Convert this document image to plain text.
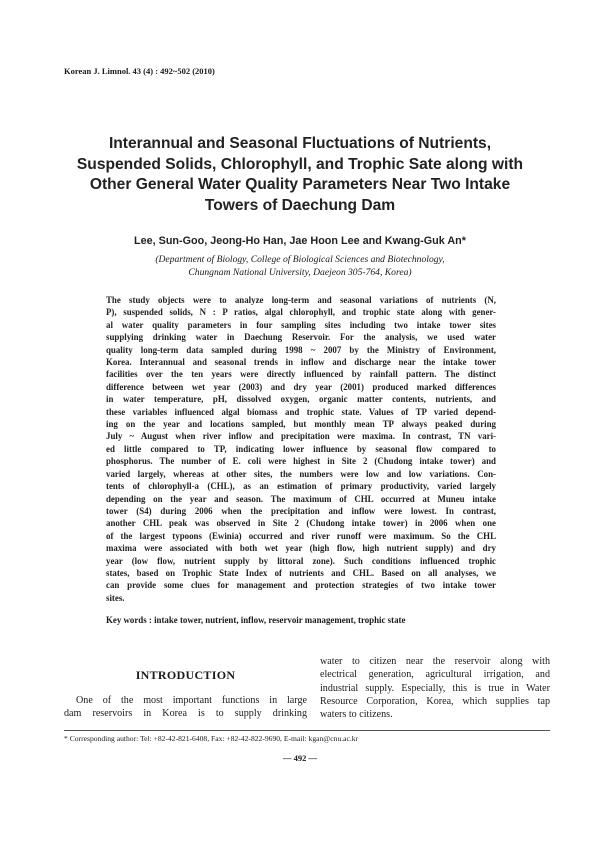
Korean J. Limnol. 43 (4) : 492~502 (2010)
Interannual and Seasonal Fluctuations of Nutrients,
Suspended Solids, Chlorophyll, and Trophic Sate along with
Other General Water Quality Parameters Near Two Intake
Towers of Daechung Dam
Lee, Sun-Goo, Jeong-Ho Han, Jae Hoon Lee and Kwang-Guk An*
(Department of Biology, College of Biological Sciences and Biotechnology,
Chungnam National University, Daejeon 305-764, Korea)
The study objects were to analyze long-term and seasonal variations of nutrients (N,
P), suspended solids, N : P ratios, algal chlorophyll, and trophic state along with gener-
al water quality parameters in four sampling sites including two intake tower sites
supplying drinking water in Daechung Reservoir. For the analysis, we used water
quality long-term data sampled during 1998 ~ 2007 by the Ministry of Environment,
Korea. Interannual and seasonal trends in inflow and discharge near the intake tower
facilities over the ten years were directly influenced by rainfall pattern. The distinct
difference between wet year (2003) and dry year (2001) produced marked differences
in water temperature, pH, dissolved oxygen, organic matter contents, nutrients, and
these variables influenced algal biomass and trophic state. Values of TP varied depend-
ing on the year and locations sampled, but monthly mean TP always peaked during
July ~ August when river inflow and precipitation were maxima. In contrast, TN vari-
ed little compared to TP, indicating lower influence by seasonal flow compared to
phosphorus. The number of E. coli were highest in Site 2 (Chudong intake tower) and
varied largely, whereas at other sites, the numbers were low and low variations. Con-
tents of chlorophyll-a (CHL), as an estimation of primary productivity, varied largely
depending on the year and season. The maximum of CHL occurred at Muneu intake
tower (S4) during 2006 when the precipitation and inflow were lowest. In contrast,
another CHL peak was observed in Site 2 (Chudong intake tower) in 2006 when one
of the largest typoons (Ewinia) occurred and river runoff were maximum. So the CHL
maxima were associated with both wet year (high flow, high nutrient supply) and dry
year (low flow, nutrient supply by littoral zone). Such conditions influenced trophic
states, based on Trophic State Index of nutrients and CHL. Based on all analyses, we
can provide some clues for management and protection strategies of two intake tower
sites.
Key words : intake tower, nutrient, inflow, reservoir management, trophic state
INTRODUCTION
One of the most important functions in large
dam reservoirs in Korea is to supply drinking
water to citizen near the reservoir along with
electrical generation, agricultural irrigation, and
industrial supply. Especially, this is true in Water
Resource Corporation, Korea, which supplies tap
waters to citizens.
* Corresponding author: Tel: +82-42-821-6408, Fax: +82-42-822-9690, E-mail: kgan@cnu.ac.kr
— 492 —
